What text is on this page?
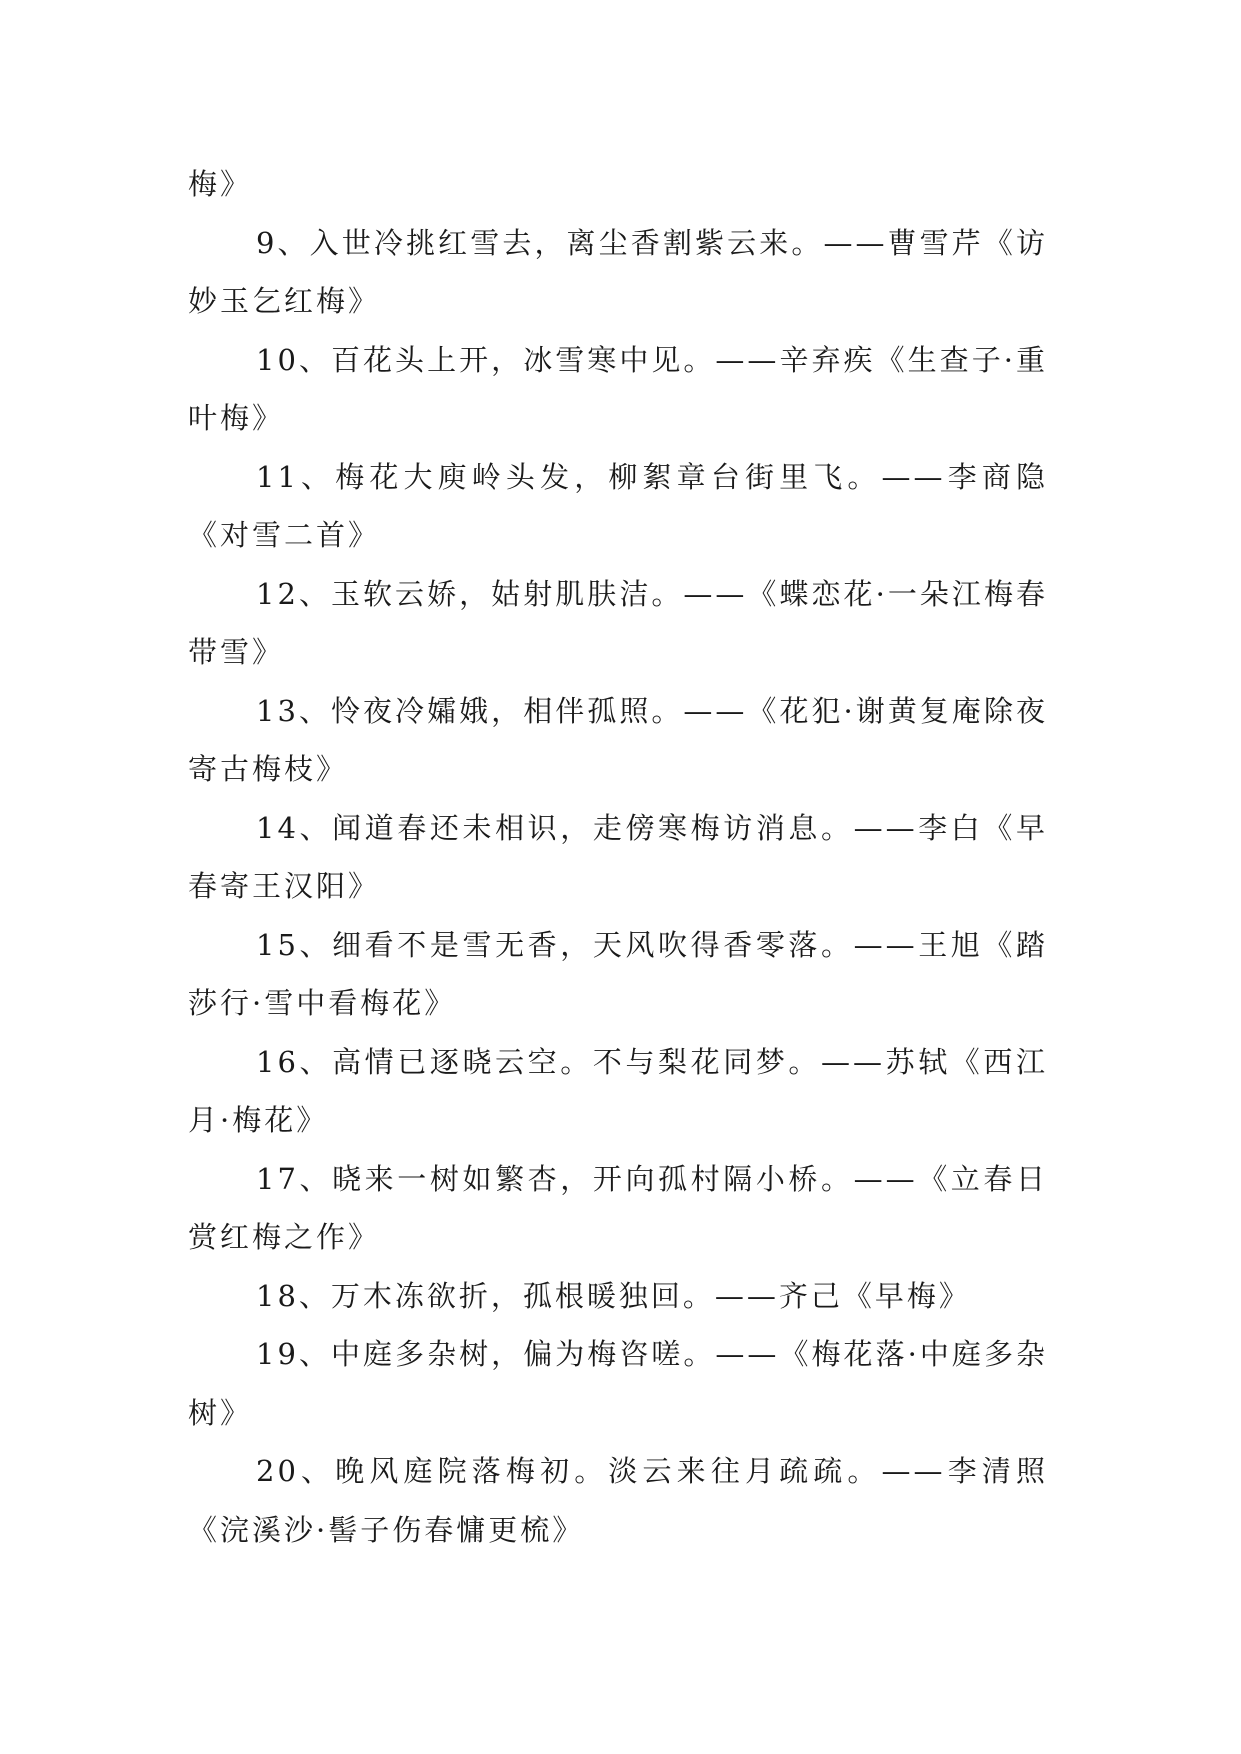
梅》

9、入世冷挑红雪去，离尘香割紫云来。——曹雪芹《访妙玉乞红梅》

10、百花头上开，冰雪寒中见。——辛弃疾《生查子·重叶梅》

11、梅花大庾岭头发，柳絮章台街里飞。——李商隐《对雪二首》

12、玉软云娇，姑射肌肤洁。——《蝶恋花·一朵江梅春带雪》

13、怜夜冷孀娥，相伴孤照。——《花犯·谢黄复庵除夜寄古梅枝》

14、闻道春还未相识，走傍寒梅访消息。——李白《早春寄王汉阳》

15、细看不是雪无香，天风吹得香零落。——王旭《踏莎行·雪中看梅花》

16、高情已逐晓云空。不与梨花同梦。——苏轼《西江月·梅花》

17、晓来一树如繁杏，开向孤村隔小桥。——《立春日赏红梅之作》

18、万木冻欲折，孤根暖独回。——齐己《早梅》

19、中庭多杂树，偏为梅咨嗟。——《梅花落·中庭多杂树》

20、晚风庭院落梅初。淡云来往月疏疏。——李清照《浣溪沙·髻子伤春慵更梳》
